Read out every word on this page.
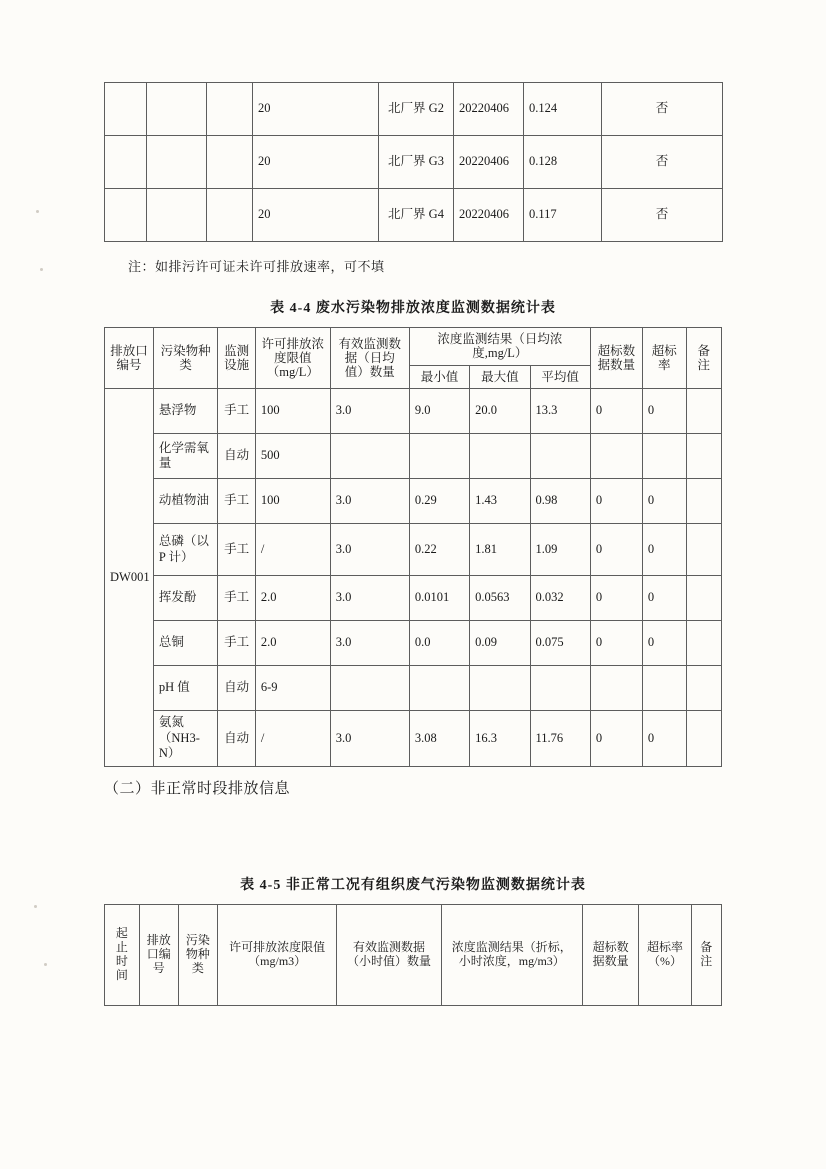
			20	北厂界 G2	20220406	0.124	否
			20	北厂界 G3	20220406	0.128	否
			20	北厂界 G4	20220406	0.117	否
注：如排污许可证未许可排放速率，可不填
表 4-4 废水污染物排放浓度监测数据统计表
排放口编号	污染物种类	监测设施	许可排放浓度限值（mg/L）	有效监测数据（日均值）数量	浓度监测结果（日均浓度,mg/L）			超标数据数量	超标率	备注
					最小值	最大值	平均值			
DW001	悬浮物	手工	100	3.0	9.0	20.0	13.3	0	0	
	化学需氧量	自动	500							
	动植物油	手工	100	3.0	0.29	1.43	0.98	0	0	
	总磷（以 P 计）	手工	/	3.0	0.22	1.81	1.09	0	0	
	挥发酚	手工	2.0	3.0	0.0101	0.0563	0.032	0	0	
	总铜	手工	2.0	3.0	0.0	0.09	0.075	0	0	
	pH 值	自动	6-9							
	氨氮（NH3-N）	自动	/	3.0	3.08	16.3	11.76	0	0	
（二）非正常时段排放信息
表 4-5 非正常工况有组织废气污染物监测数据统计表
起止时间	排放口编号	污染物种类	许可排放浓度限值（mg/m3）	有效监测数据（小时值）数量	浓度监测结果（折标，小时浓度，mg/m3）	超标数据数量	超标率（%）	备注
